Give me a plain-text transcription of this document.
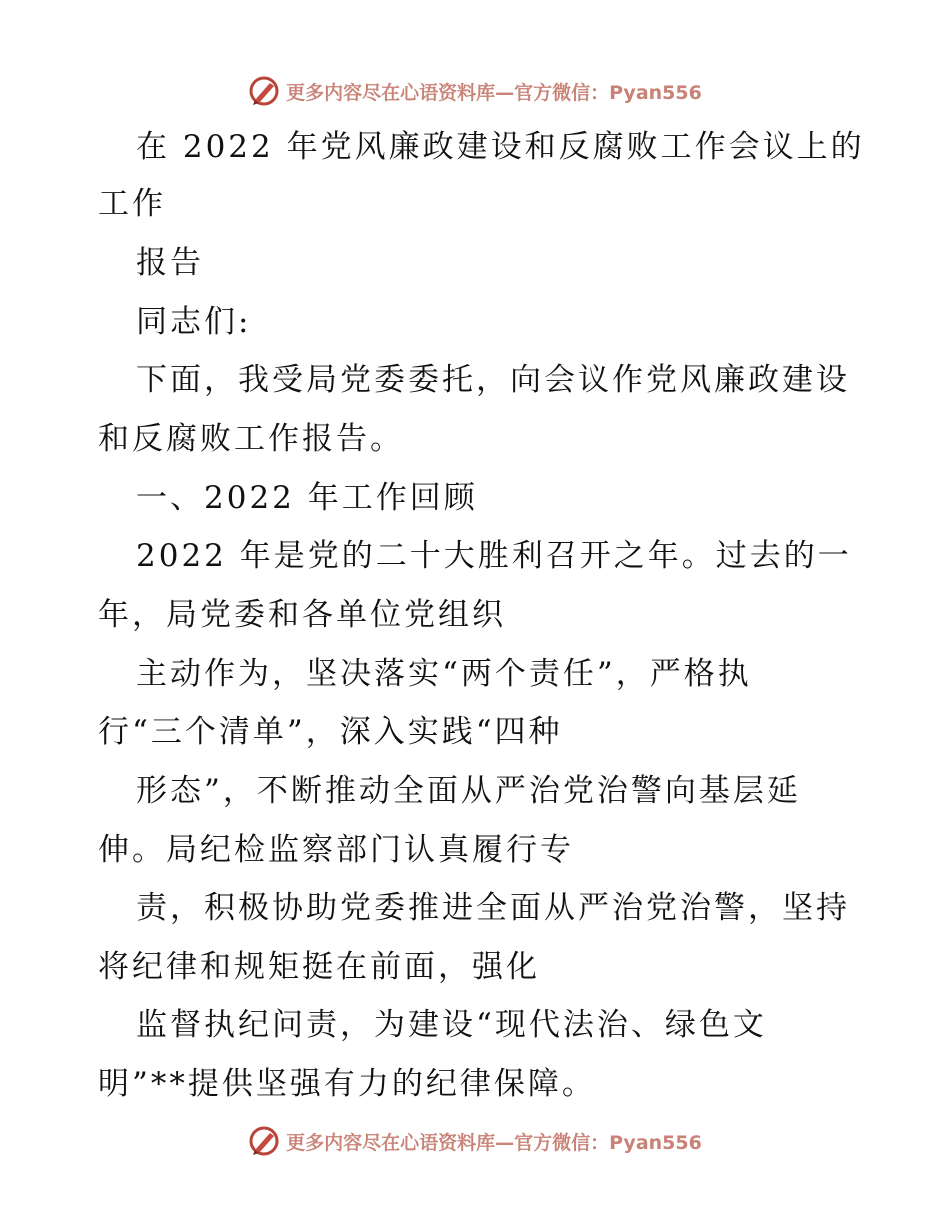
更多内容尽在心语资料库—官方微信：Pyan556
在 2022 年党风廉政建设和反腐败工作会议上的
工作
报告
同志们:
下面，我受局党委委托，向会议作党风廉政建设
和反腐败工作报告。
一、2022 年工作回顾
2022 年是党的二十大胜利召开之年。过去的一
年，局党委和各单位党组织
主动作为，坚决落实“两个责任”，严格执
行“三个清单”，深入实践“四种
形态”，不断推动全面从严治党治警向基层延
伸。局纪检监察部门认真履行专
责，积极协助党委推进全面从严治党治警，坚持
将纪律和规矩挺在前面，强化
监督执纪问责，为建设“现代法治、绿色文
明”**提供坚强有力的纪律保障。
更多内容尽在心语资料库—官方微信：Pyan556
